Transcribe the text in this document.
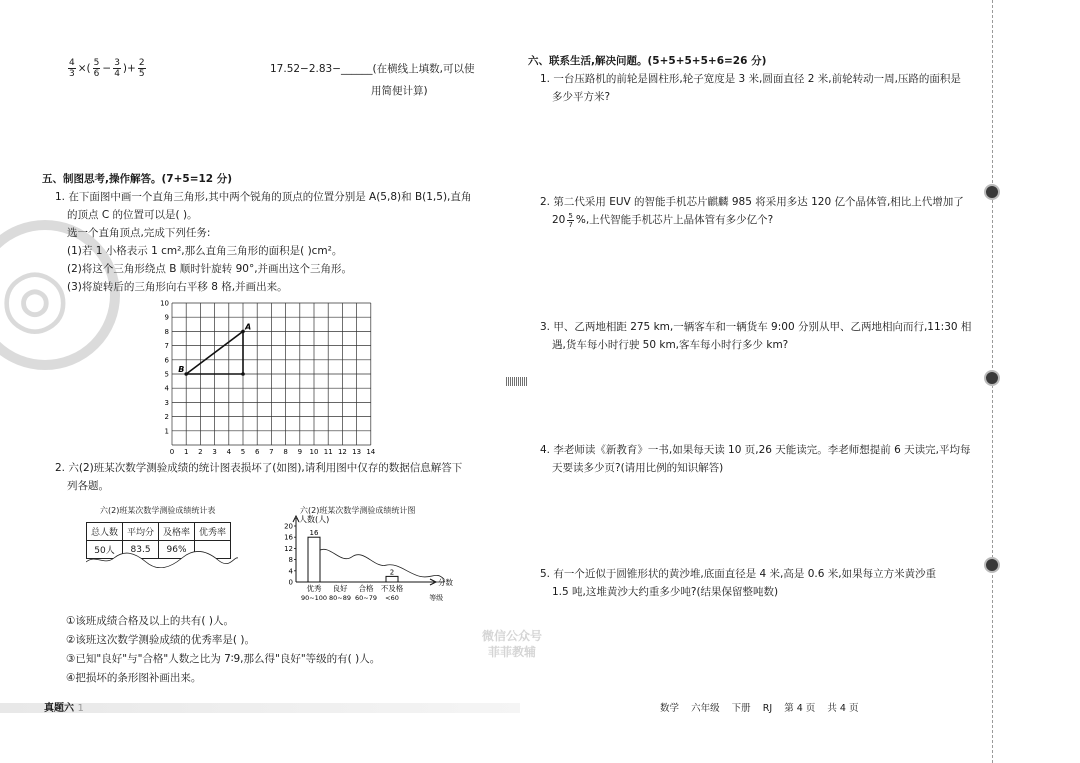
◎
$\frac{4}{3}$ ×( $\frac{5}{6} - \frac{3}{4}$ )+ $\frac{2}{5}$	17.52−2.83−______(在横线上填数,可以使
用简便计算)
五、制图思考,操作解答。(7+5=12 分)
1. 在下面图中画一个直角三角形,其中两个锐角的顶点的位置分别是 A(5,8)和 B(1,5),直角
的顶点 C 的位置可以是( )。
选一个直角顶点,完成下列任务:
(1)若 1 小格表示 1 cm²,那么直角三角形的面积是( )cm²。
(2)将这个三角形绕点 B 顺时针旋转 90°,并画出这个三角形。
(3)将旋转后的三角形向右平移 8 格,并画出来。
0 1 2 3 4 5 6 7 8 9 10 11 12 13 14
1
2
3
4
5
6
7
8
9
10
A
B
2. 六(2)班某次数学测验成绩的统计图表损坏了(如图),请利用图中仅存的数据信息解答下
列各题。
六(2)班某次数学测验成绩统计表
总人数	平均分	及格率	优秀率
50人	83.5	96%	
六(2)班某次数学测验成绩统计图
16
2
人数(人)
0
4
8
12
16
20
分数
优秀
90~100
良好
80~89
合格
60~79
不及格
<60	等级
①该班成绩合格及以上的共有( )人。
②该班这次数学测验成绩的优秀率是( )。
③已知"良好"与"合格"人数之比为 7∶9,那么得"良好"等级的有( )人。
④把损坏的条形图补画出来。
六、联系生活,解决问题。(5+5+5+5+6=26 分)
1. 一台压路机的前轮是圆柱形,轮子宽度是 3 米,圆面直径 2 米,前轮转动一周,压路的面积是
多少平方米?
2. 第二代采用 EUV 的智能手机芯片麒麟 985 将采用多达 120 亿个晶体管,相比上代增加了
$20 \frac{5}{7}$ %,上代智能手机芯片上晶体管有多少亿个?
3. 甲、乙两地相距 275 km,一辆客车和一辆货车 9:00 分别从甲、乙两地相向而行,11:30 相
遇,货车每小时行驶 50 km,客车每小时行多少 km?
4. 李老师读《新教育》一书,如果每天读 10 页,26 天能读完。李老师想提前 6 天读完,平均每
天要读多少页?(请用比例的知识解答)
5. 有一个近似于圆锥形状的黄沙堆,底面直径是 4 米,高是 0.6 米,如果每立方米黄沙重
1.5 吨,这堆黄沙大约重多少吨?(结果保留整吨数)
微信公众号
菲菲教辅
真题六 1	数学    六年级    下册    RJ    第 4 页    共 4 页
